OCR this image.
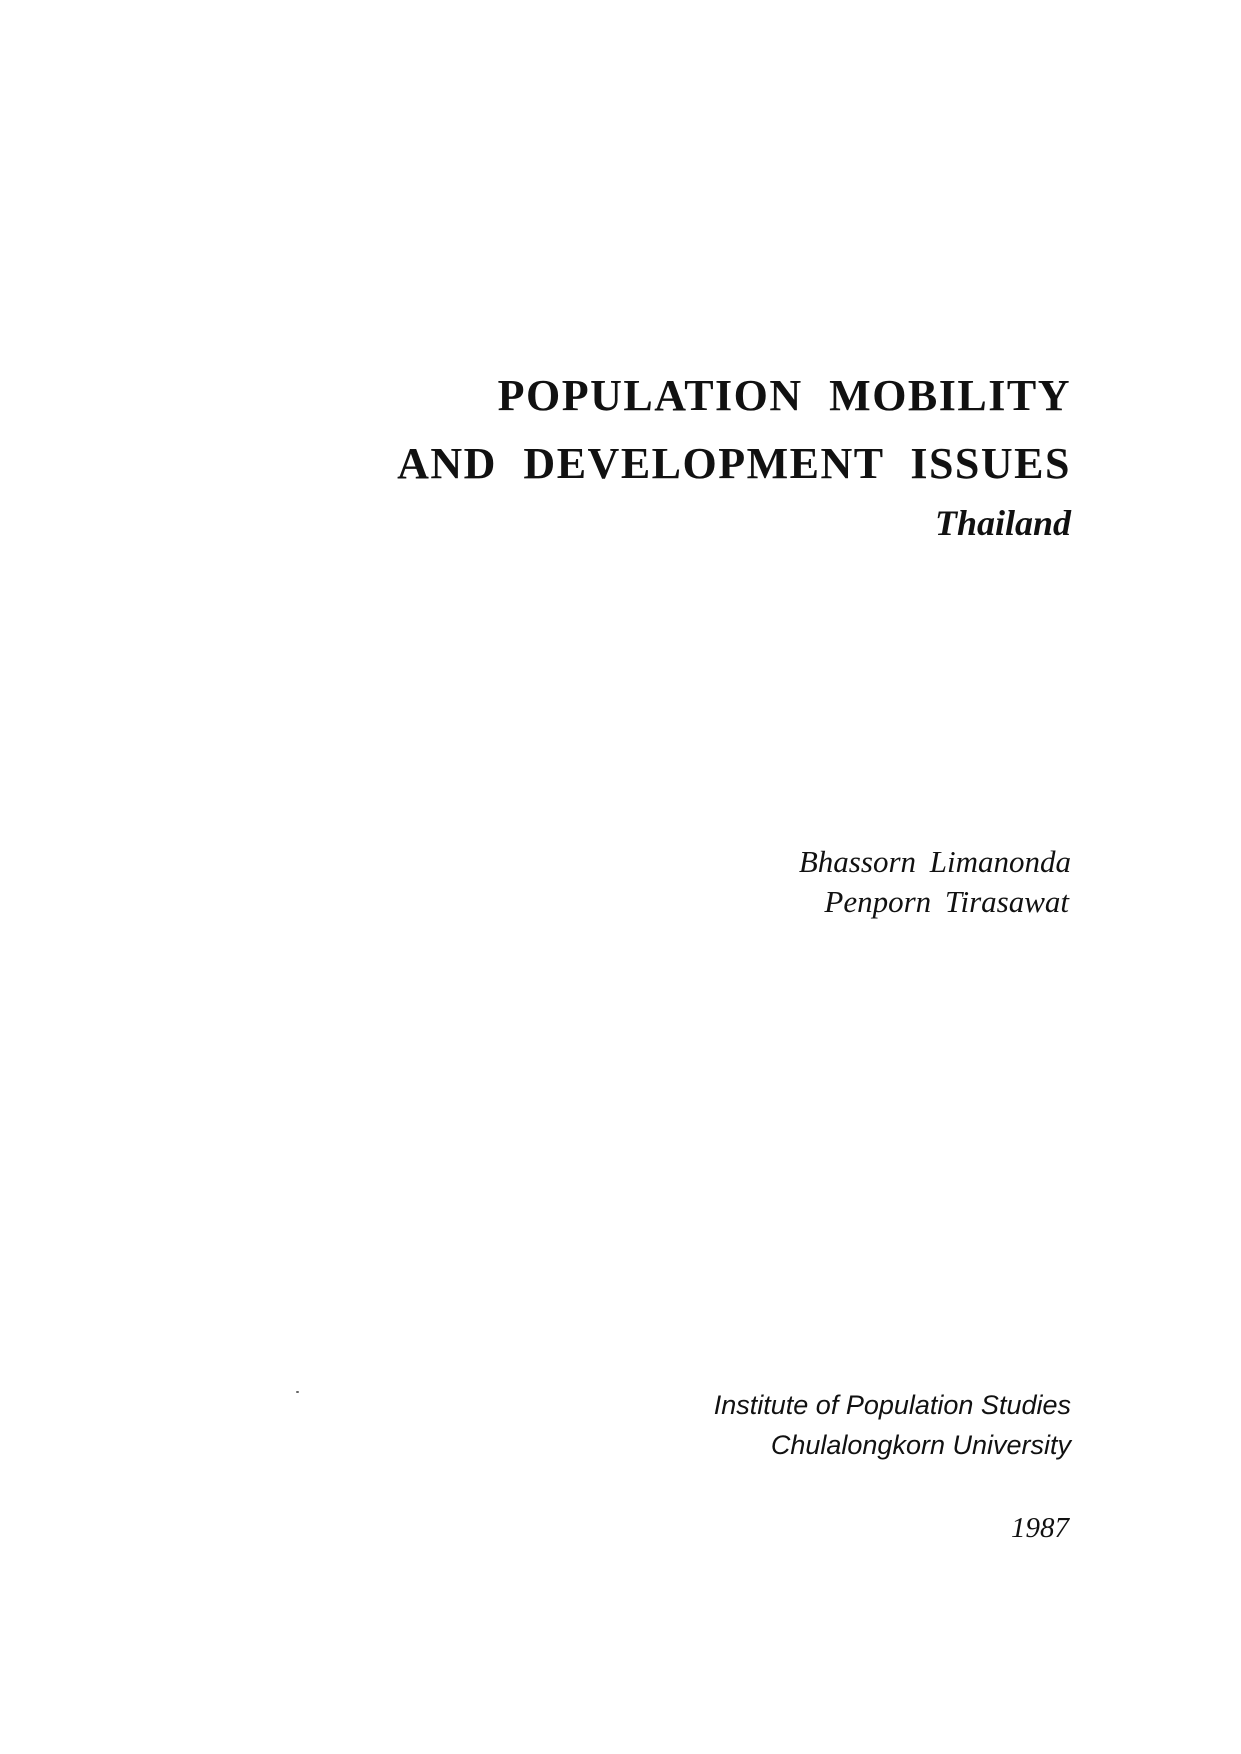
POPULATION MOBILITY
AND DEVELOPMENT ISSUES
Thailand
Bhassorn Limanonda
Penporn Tirasawat
Institute of Population Studies
Chulalongkorn University
1987
